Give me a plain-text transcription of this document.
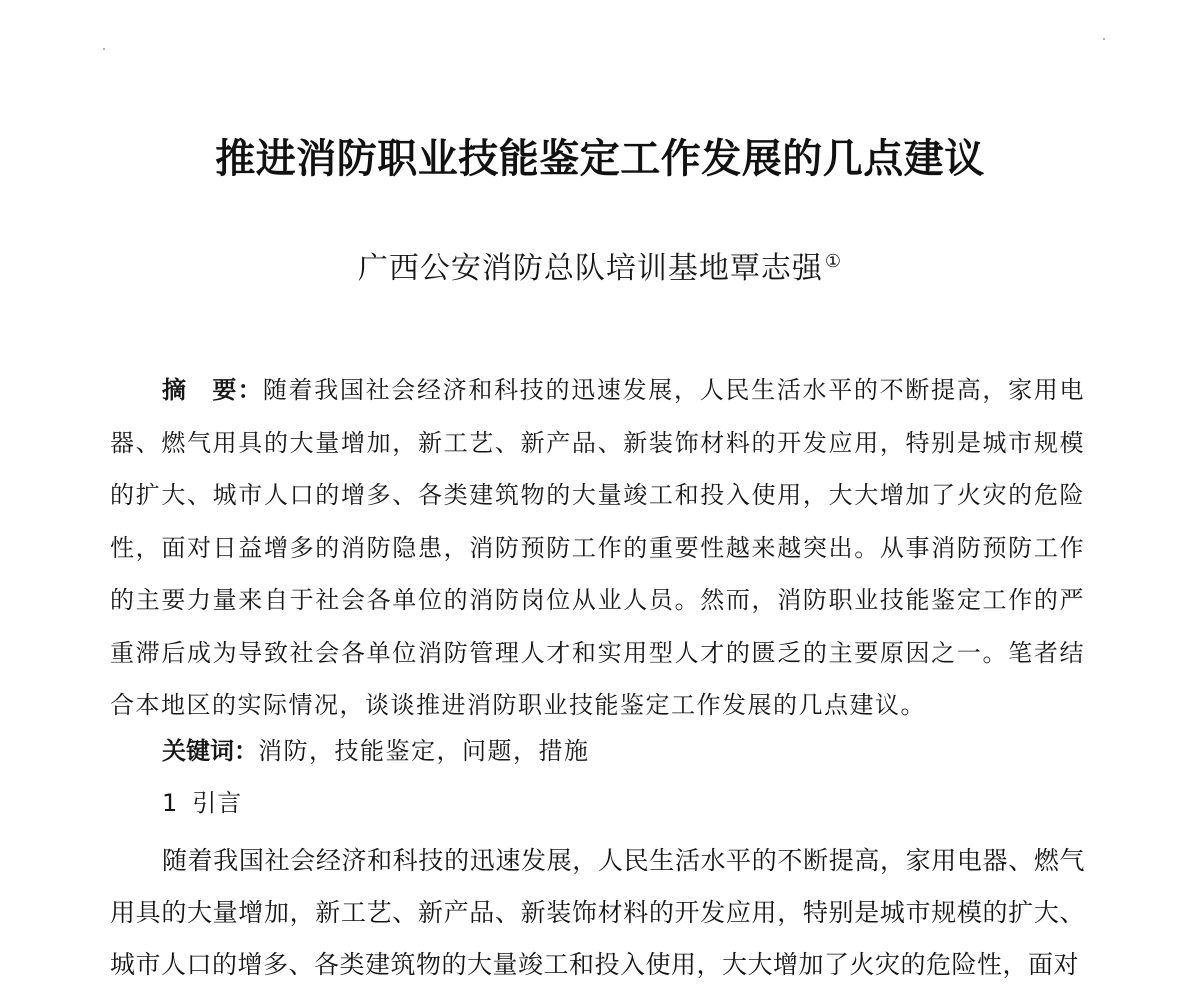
推进消防职业技能鉴定工作发展的几点建议
广西公安消防总队培训基地覃志强 ①

摘　要：随着我国社会经济和科技的迅速发展，人民生活水平的不断提高，家用电器、燃气用具的大量增加，新工艺、新产品、新装饰材料的开发应用，特别是城市规模的扩大、城市人口的增多、各类建筑物的大量竣工和投入使用，大大增加了火灾的危险性，面对日益增多的消防隐患，消防预防工作的重要性越来越突出。从事消防预防工作的主要力量来自于社会各单位的消防岗位从业人员。然而，消防职业技能鉴定工作的严重滞后成为导致社会各单位消防管理人才和实用型人才的匮乏的主要原因之一。笔者结合本地区的实际情况，谈谈推进消防职业技能鉴定工作发展的几点建议。

关键词：消防，技能鉴定，问题，措施
1 引言

随着我国社会经济和科技的迅速发展，人民生活水平的不断提高，家用电器、燃气用具的大量增加，新工艺、新产品、新装饰材料的开发应用，特别是城市规模的扩大、城市人口的增多、各类建筑物的大量竣工和投入使用，大大增加了火灾的危险性，面对
